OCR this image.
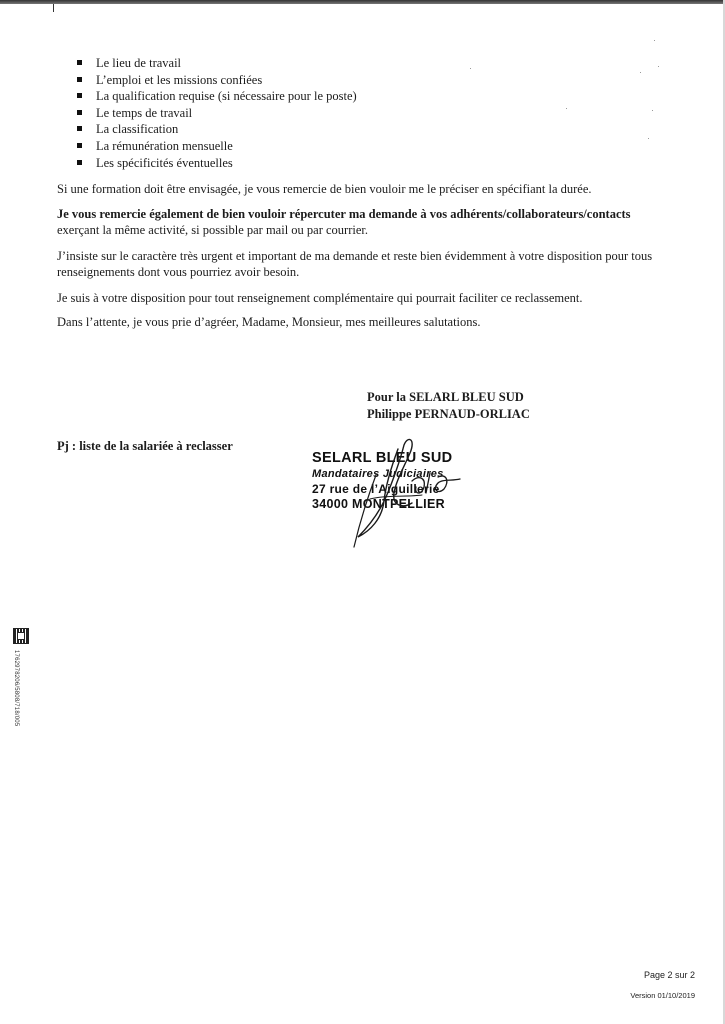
Le lieu de travail
L’emploi et les missions confiées
La qualification requise (si nécessaire pour le poste)
Le temps de travail
La classification
La rémunération mensuelle
Les spécificités éventuelles

Si une formation doit être envisagée, je vous remercie de bien vouloir me le préciser en spécifiant la durée.

Je vous remercie également de bien vouloir répercuter ma demande à vos adhérents/collaborateurs/contacts
exerçant la même activité, si possible par mail ou par courrier.

J’insiste sur le caractère très urgent et important de ma demande et reste bien évidemment à votre disposition pour tous renseignements dont vous pourriez avoir besoin.

Je suis à votre disposition pour tout renseignement complémentaire qui pourrait faciliter ce reclassement.

Dans l’attente, je vous prie d’agréer, Madame, Monsieur, mes meilleures salutations.

Pour la SELARL BLEU SUD
Philippe PERNAUD-ORLIAC
Pj : liste de la salariée à reclasser
SELARL BLEU SUD
Mandataires Judiciaires
27 rue de l’Aiguillerie
34000 MONTPELLIER
1762978206/5808/718/005
Page 2 sur 2
Version 01/10/2019
